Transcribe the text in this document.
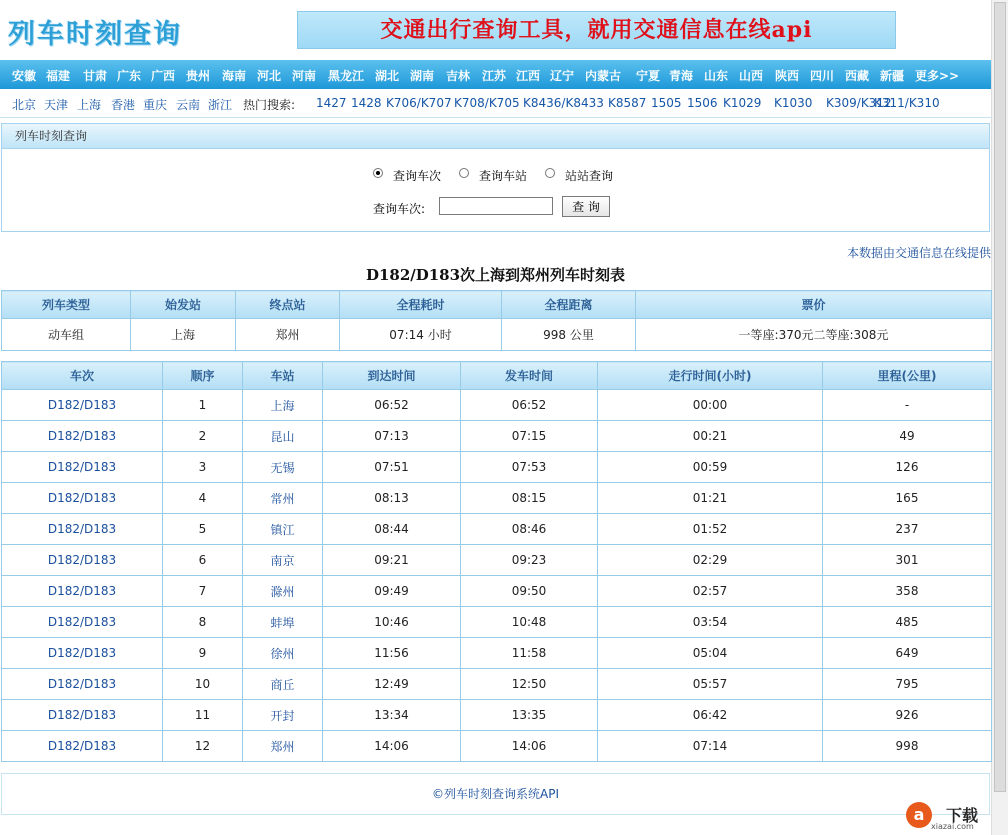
列车时刻查询	交通出行查询工具，就用交通信息在线api
安徽 福建 甘肃 广东 广西 贵州 海南 河北 河南 黑龙江 湖北 湖南 吉林 江苏 江西 辽宁 内蒙古 宁夏 青海 山东 山西 陕西 四川 西藏 新疆 更多>>
北京 天津 上海 香港 重庆 云南 浙江 热门搜索: 1427 1428 K706/K707 K708/K705 K8436/K8433 K8587 1505 1506 K1029 K1030 K309/K312
K311/K310
列车时刻查询
查询车次	查询车站	站站查询
查询车次:	查 询
本数据由交通信息在线提供
D182/D183次上海到郑州列车时刻表
列车类型	始发站	终点站	全程耗时	全程距离	票价
动车组	上海	郑州	07:14 小时	998 公里	一等座:370元二等座:308元
车次	顺序	车站	到达时间	发车时间	走行时间(小时)	里程(公里)
D182/D183	1	上海	06:52	06:52	00:00	-
D182/D183	2	昆山	07:13	07:15	00:21	49
D182/D183	3	无锡	07:51	07:53	00:59	126
D182/D183	4	常州	08:13	08:15	01:21	165
D182/D183	5	镇江	08:44	08:46	01:52	237
D182/D183	6	南京	09:21	09:23	02:29	301
D182/D183	7	滁州	09:49	09:50	02:57	358
D182/D183	8	蚌埠	10:46	10:48	03:54	485
D182/D183	9	徐州	11:56	11:58	05:04	649
D182/D183	10	商丘	12:49	12:50	05:57	795
D182/D183	11	开封	13:34	13:35	06:42	926
D182/D183	12	郑州	14:06	14:06	07:14	998
©列车时刻查询系统API
a	下载
xiazai.com
